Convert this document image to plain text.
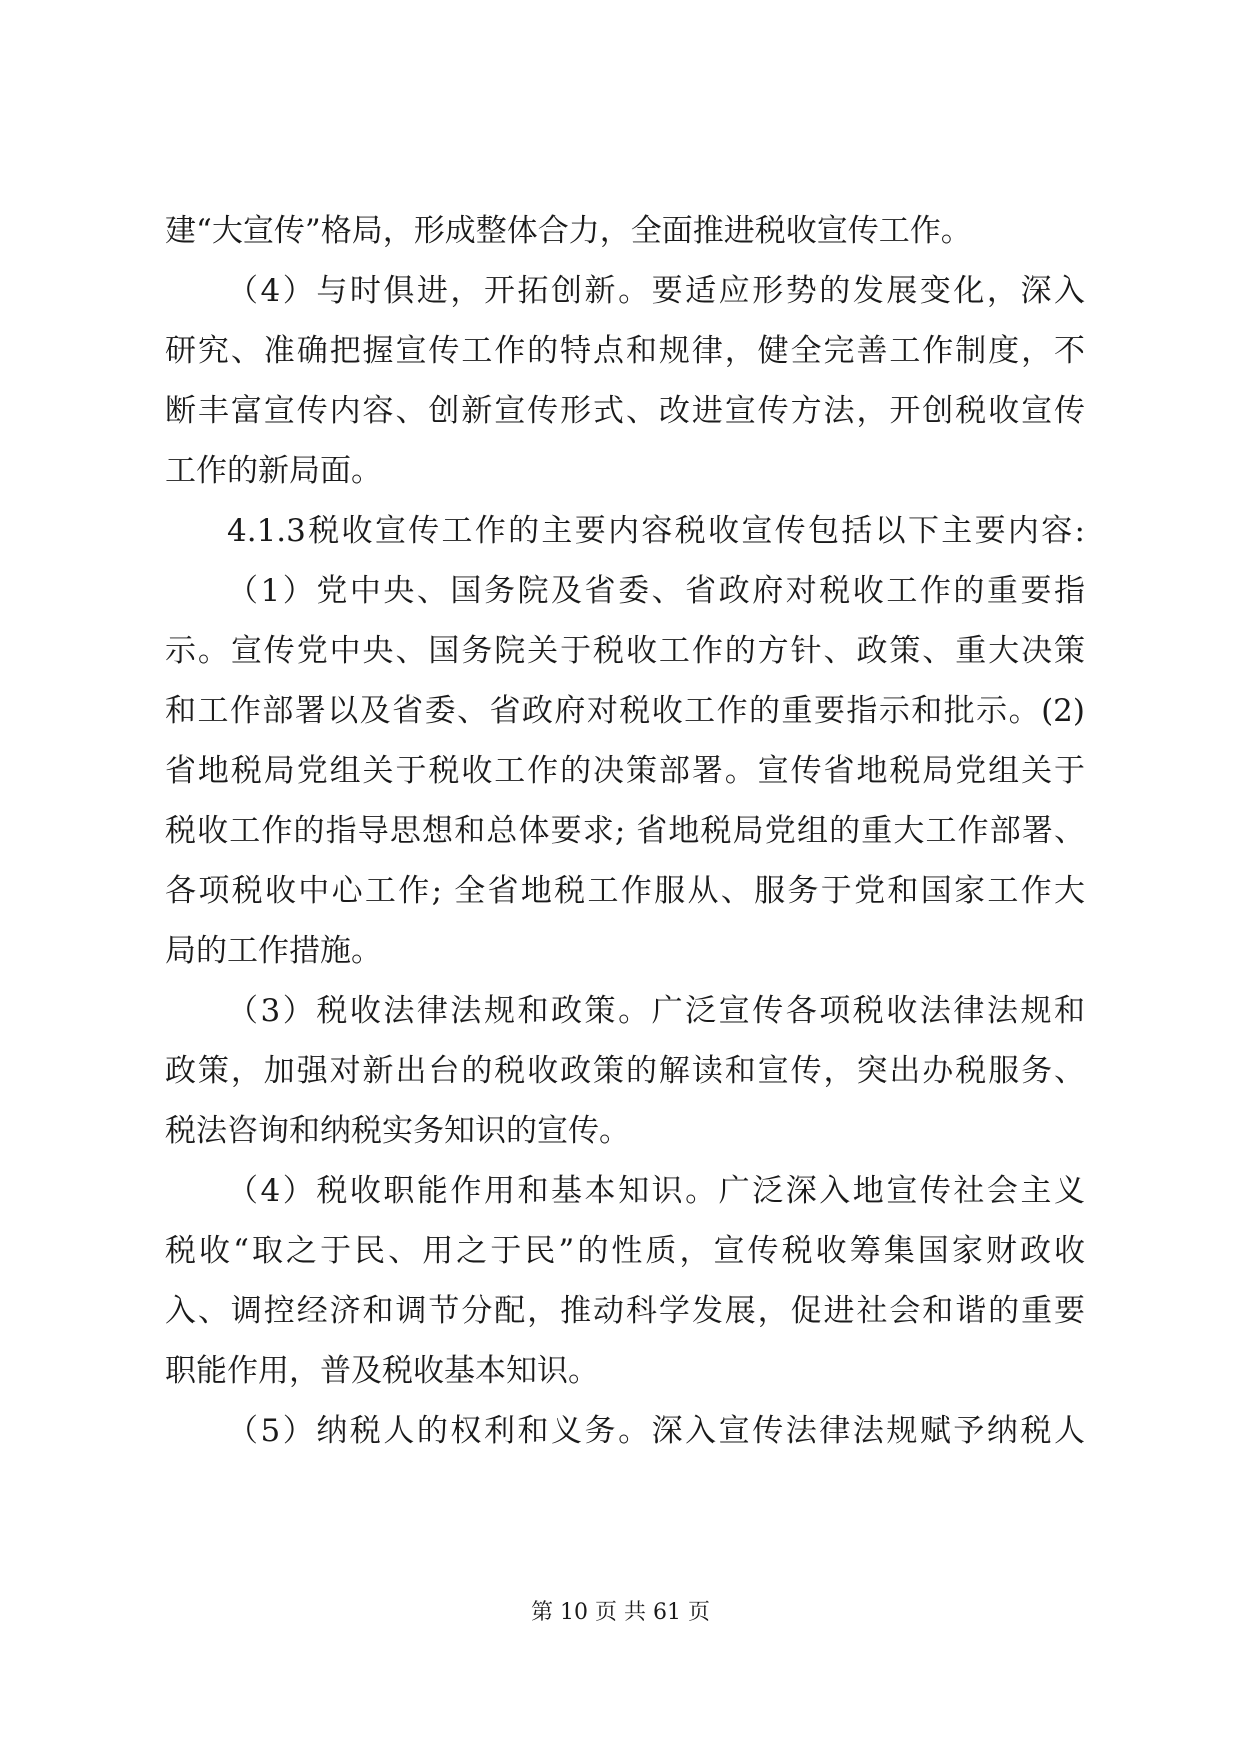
建“大宣传”格局，形成整体合力，全面推进税收宣传工作。
（4）与时俱进，开拓创新。要适应形势的发展变化，深入
研究、准确把握宣传工作的特点和规律，健全完善工作制度，不
断丰富宣传内容、创新宣传形式、改进宣传方法，开创税收宣传
工作的新局面。
4.1.3税收宣传工作的主要内容税收宣传包括以下主要内容:
（1）党中央、国务院及省委、省政府对税收工作的重要指
示。宣传党中央、国务院关于税收工作的方针、政策、重大决策
和工作部署以及省委、省政府对税收工作的重要指示和批示。(2)
省地税局党组关于税收工作的决策部署。宣传省地税局党组关于
税收工作的指导思想和总体要求; 省地税局党组的重大工作部署、
各项税收中心工作; 全省地税工作服从、服务于党和国家工作大
局的工作措施。
（3）税收法律法规和政策。广泛宣传各项税收法律法规和
政策，加强对新出台的税收政策的解读和宣传，突出办税服务、
税法咨询和纳税实务知识的宣传。
（4）税收职能作用和基本知识。广泛深入地宣传社会主义
税收“取之于民、用之于民”的性质，宣传税收筹集国家财政收
入、调控经济和调节分配，推动科学发展，促进社会和谐的重要
职能作用，普及税收基本知识。
（5）纳税人的权利和义务。深入宣传法律法规赋予纳税人
第 10 页 共 61 页
